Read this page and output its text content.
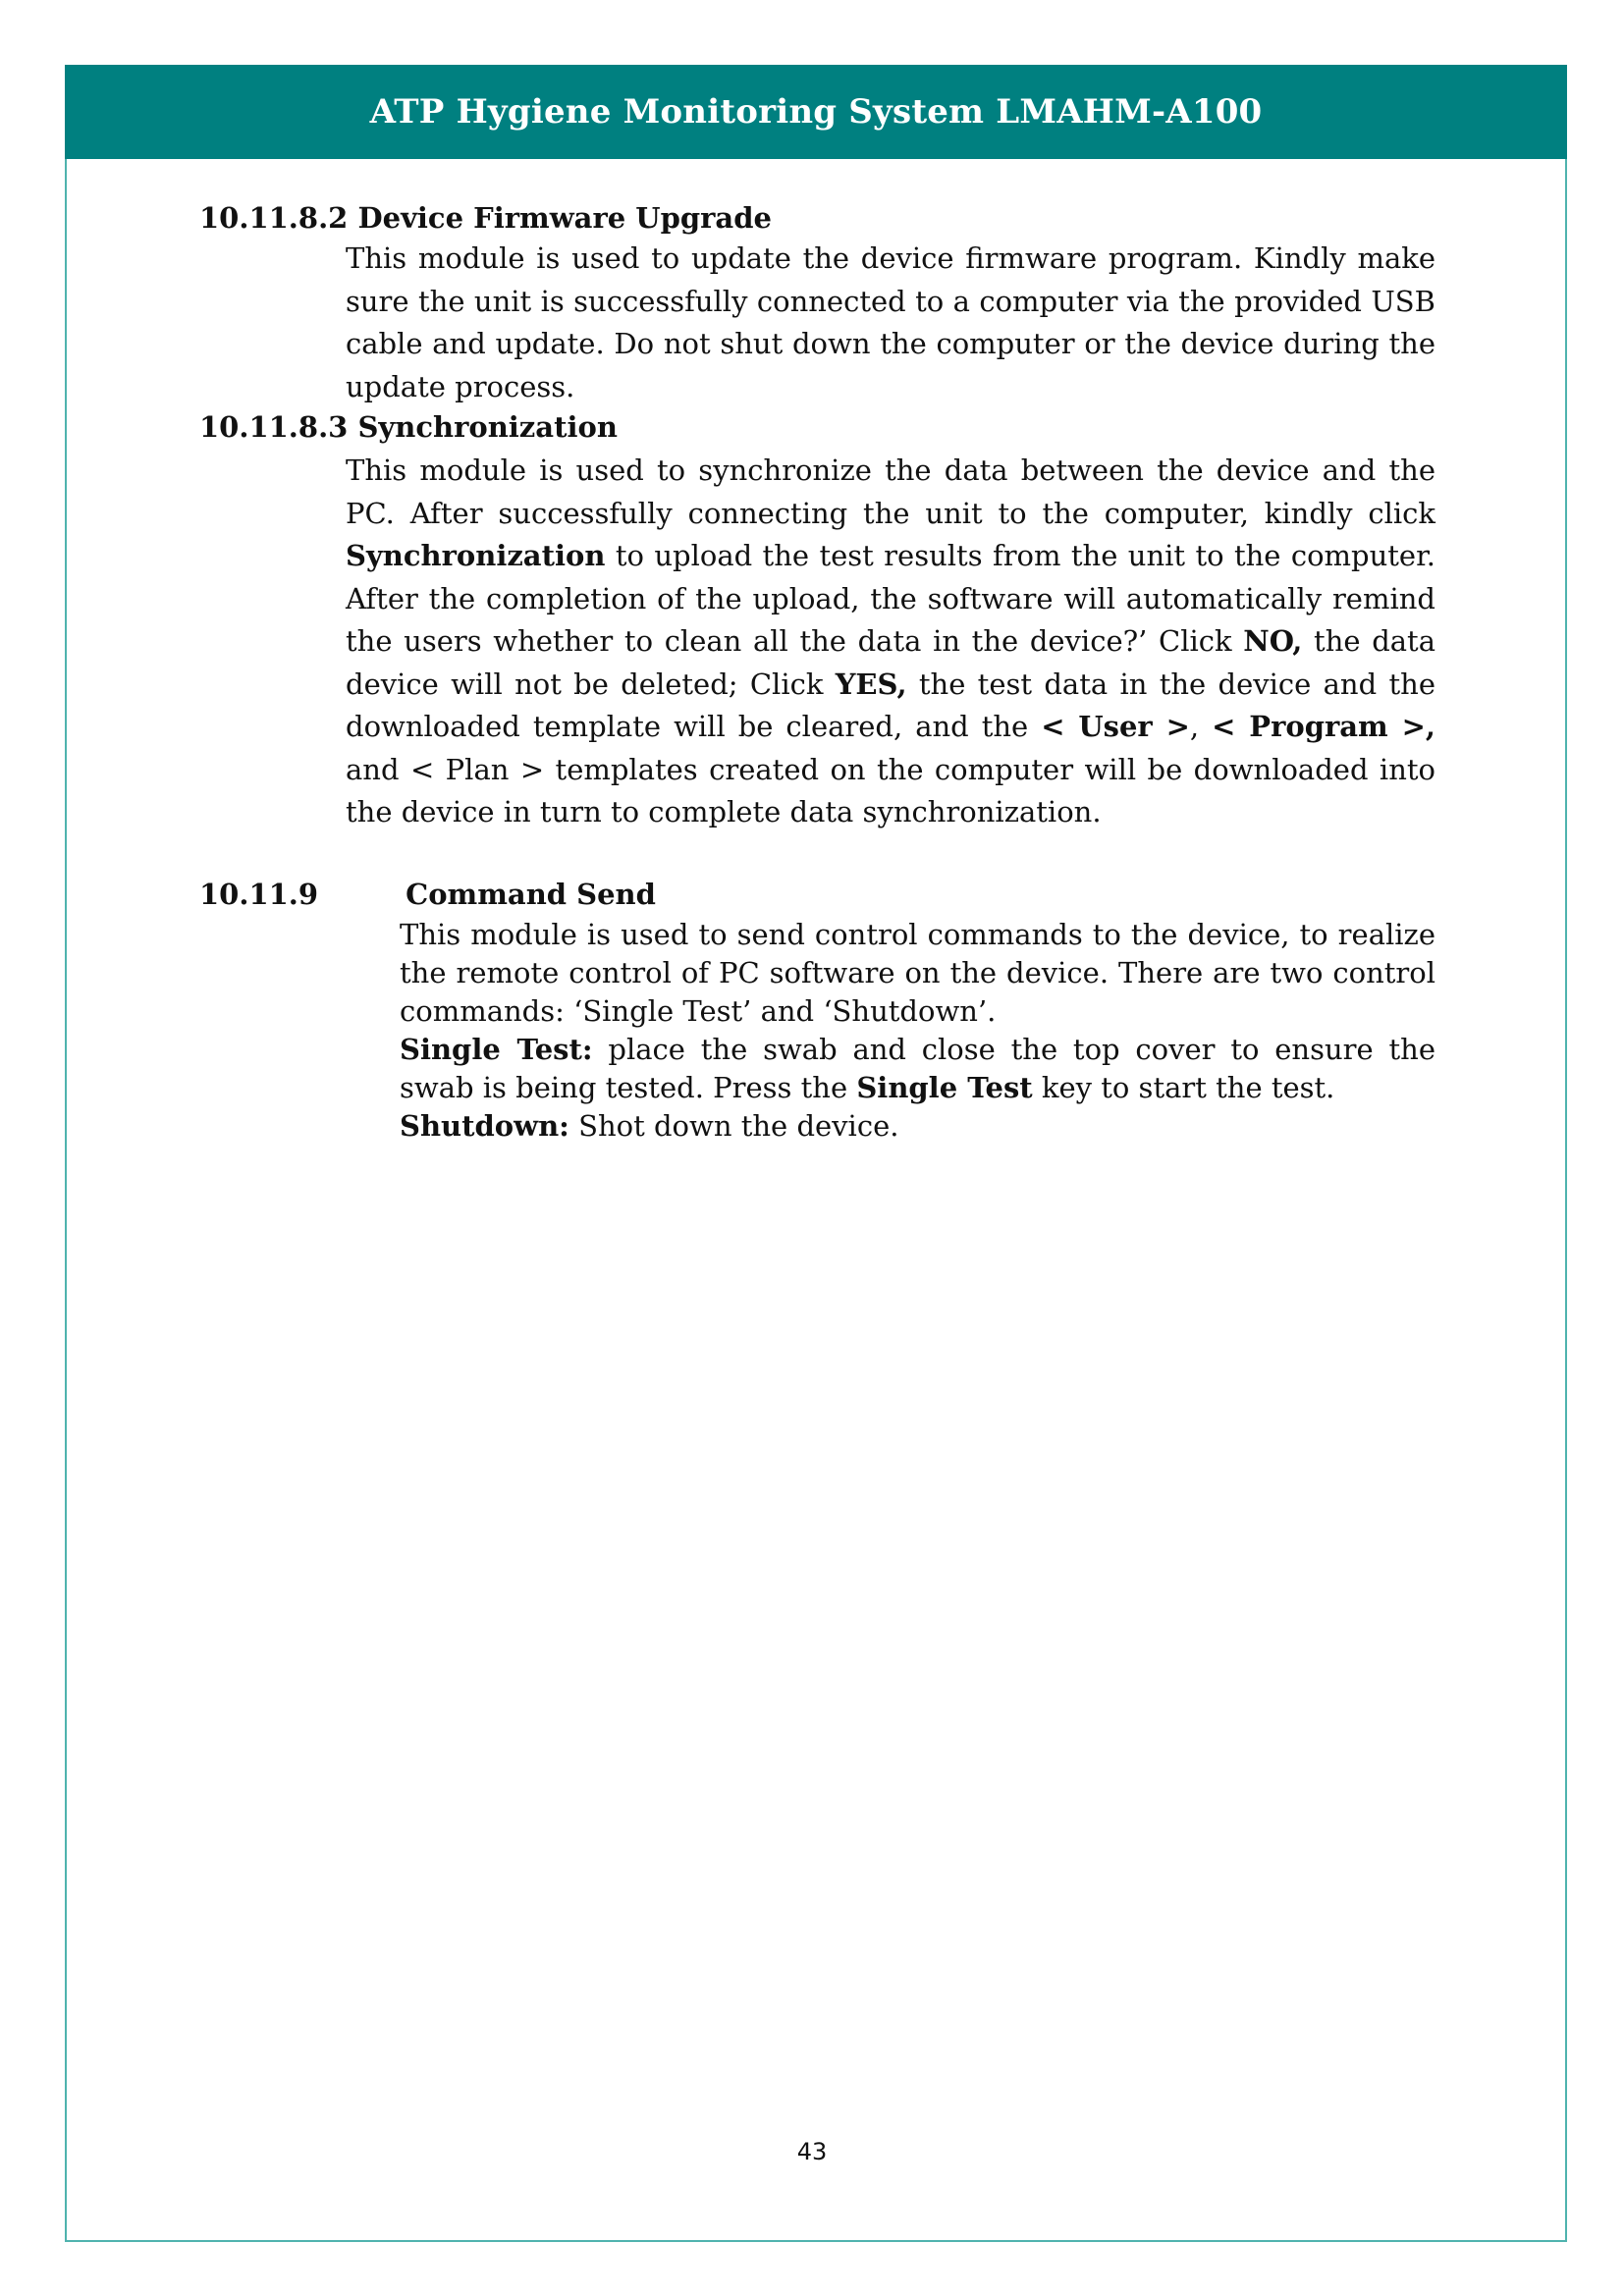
ATP Hygiene Monitoring System LMAHM-A100
10.11.8.2 Device Firmware Upgrade

This module is used to update the device firmware program. Kindly make sure the unit is successfully connected to a computer via the provided USB cable and update. Do not shut down the computer or the device during the update process.

10.11.8.3 Synchronization

This module is used to synchronize the data between the device and the PC. After successfully connecting the unit to the computer, kindly click Synchronization to upload the test results from the unit to the computer. After the completion of the upload, the software will automatically remind the users whether to clean all the data in the device?’ Click NO, the data device will not be deleted; Click YES, the test data in the device and the downloaded template will be cleared, and the < User >, < Program >, and < Plan > templates created on the computer will be downloaded into the device in turn to complete data synchronization.

10.11.9	Command Send
This module is used to send control commands to the device, to realize the remote control of PC software on the device. There are two control commands: ‘Single Test’ and ‘Shutdown’.
Single Test: place the swab and close the top cover to ensure the swab is being tested. Press the Single Test key to start the test.
Shutdown: Shot down the device.
43
